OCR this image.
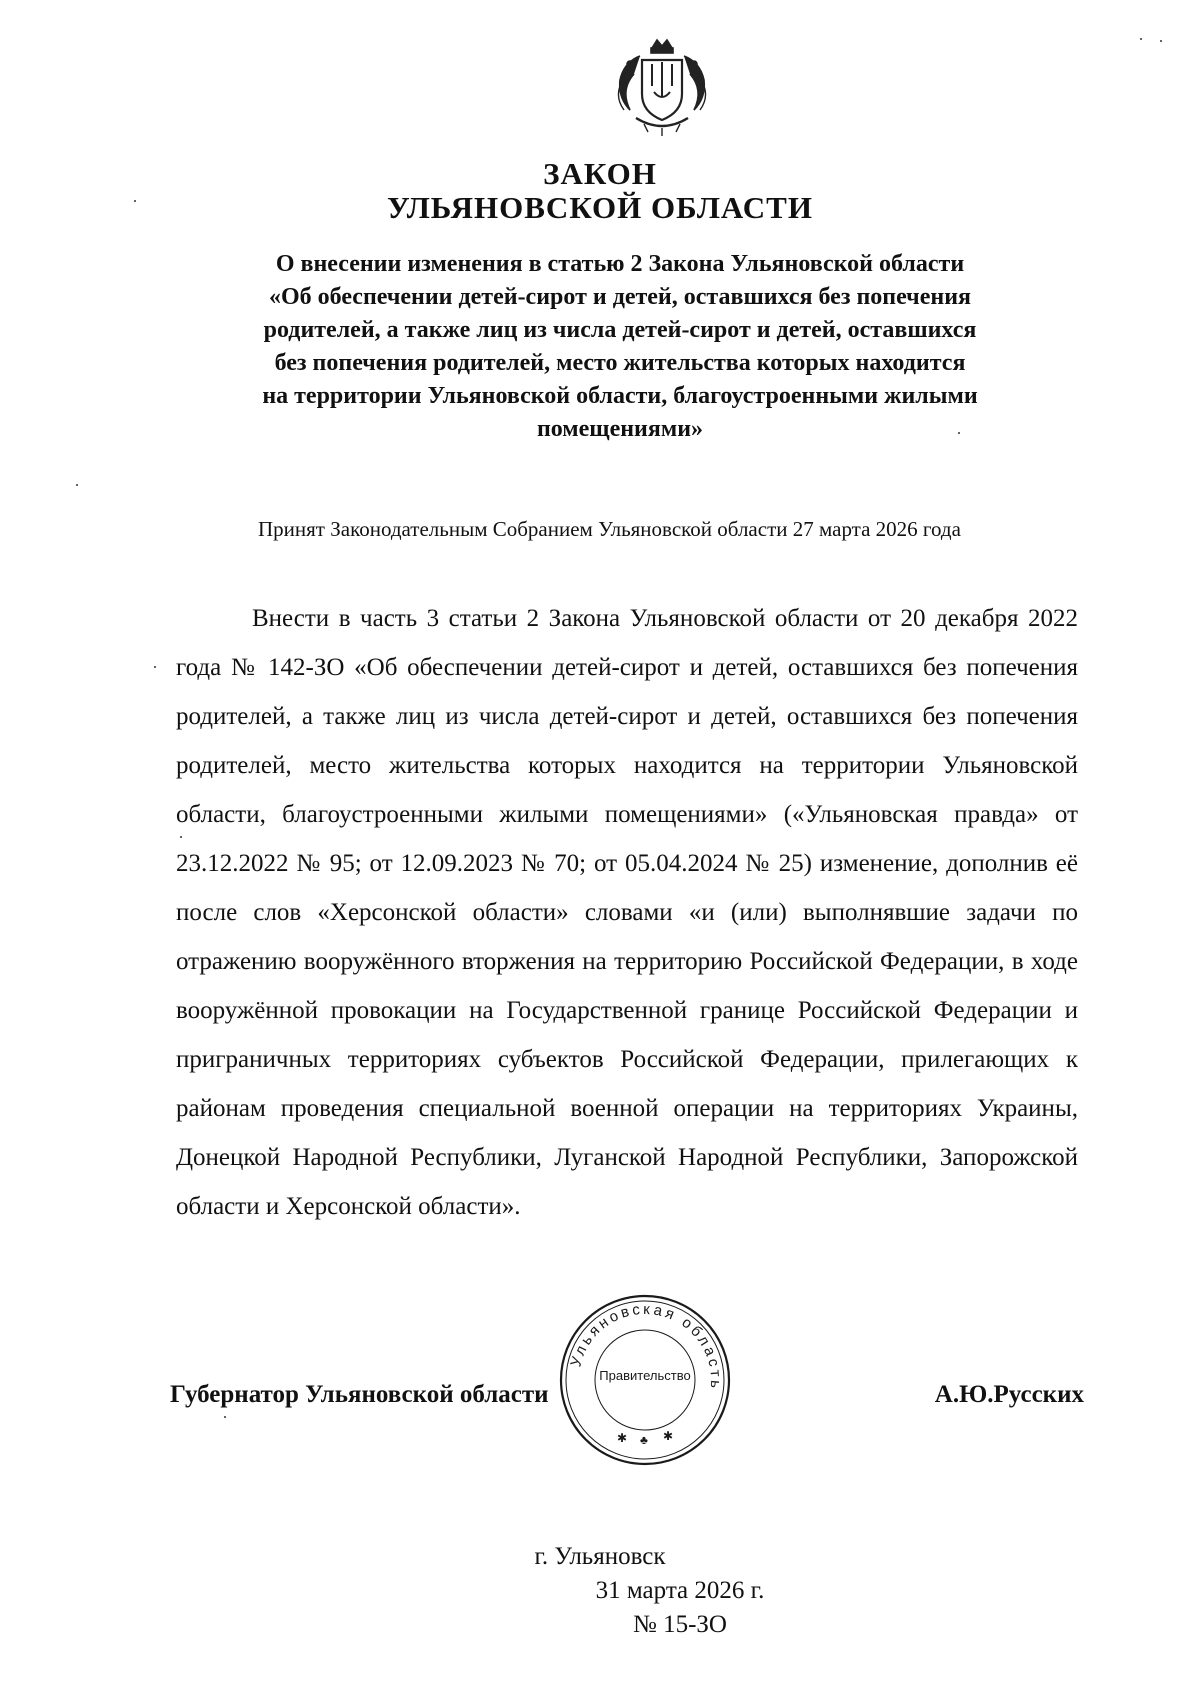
ЗАКОН
УЛЬЯНОВСКОЙ ОБЛАСТИ
О внесении изменения в статью 2 Закона Ульяновской области
«Об обеспечении детей-сирот и детей, оставшихся без попечения
родителей, а также лиц из числа детей-сирот и детей, оставшихся
без попечения родителей, место жительства которых находится
на территории Ульяновской области, благоустроенными жилыми
помещениями»
Принят Законодательным Собранием Ульяновской области 27 марта 2026 года

Внести в часть 3 статьи 2 Закона Ульяновской области от 20 декабря 2022 года № 142-ЗО «Об обеспечении детей-сирот и детей, оставшихся без попечения родителей, а также лиц из числа детей-сирот и детей, оставшихся без попечения родителей, место жительства которых находится на территории Ульяновской области, благоустроенными жилыми помещениями» («Ульяновская правда» от 23.12.2022 № 95; от 12.09.2023 № 70; от 05.04.2024 № 25) изменение, дополнив её после слов «Херсонской области» словами «и (или) выполнявшие задачи по отражению вооружённого вторжения на территорию Российской Федерации, в ходе вооружённой провокации на Государственной границе Российской Федерации и приграничных территориях субъектов Российской Федерации, прилегающих к районам проведения специальной военной операции на территориях Украины, Донецкой Народной Республики, Луганской Народной Республики, Запорожской области и Херсонской области».

Губернатор Ульяновской области	А.Ю.Русских
Ульяновская область
✱ ♣ ✱
Правительство
г. Ульяновск
31 марта 2026 г.
№ 15-ЗО
